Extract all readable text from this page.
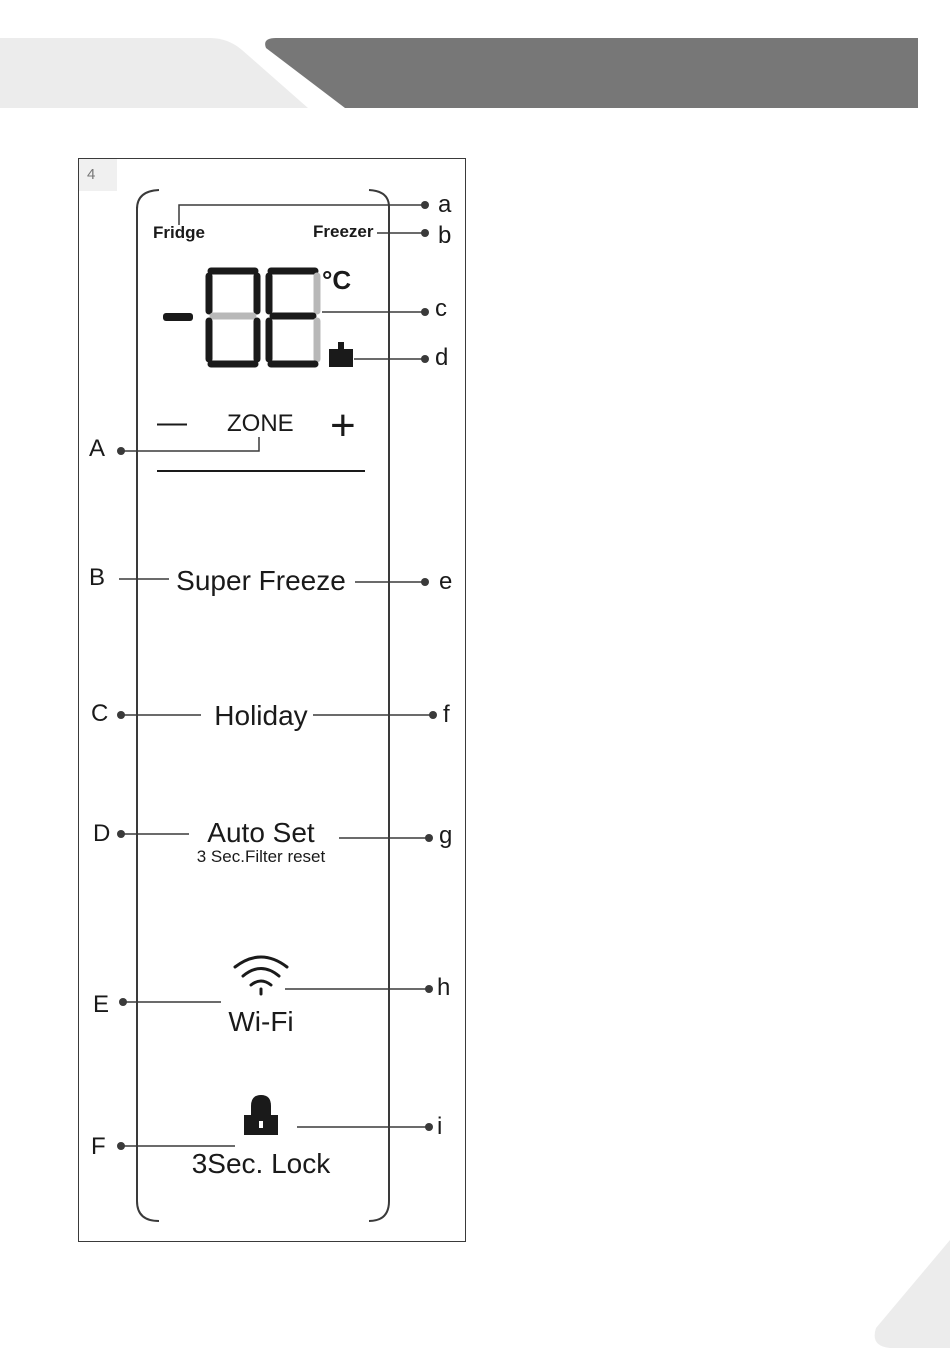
4
Fridge	Freezer
°C
— ZONE +
Super Freeze
Holiday
Auto Set
3 Sec.Filter reset
Wi-Fi
3Sec. Lock
a
b
c
d
e
f
g
h
i
A
B
C
D
E
F
